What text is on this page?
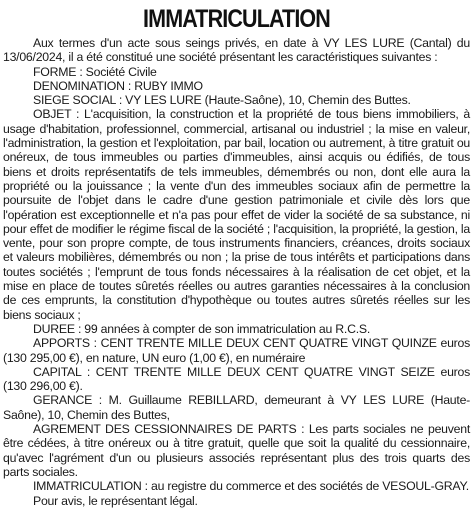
IMMATRICULATION

Aux termes d'un acte sous seings privés, en date à VY LES LURE (Cantal) du 13/06/2024, il a été constitué une société présentant les caractéristiques suivantes :

FORME : Société Civile

DENOMINATION : RUBY IMMO

SIEGE SOCIAL : VY LES LURE (Haute-Saône), 10, Chemin des Buttes.

OBJET : L'acquisition, la construction et la propriété de tous biens immobiliers, à usage d'habitation, professionnel, commercial, artisanal ou industriel ; la mise en valeur, l'administration, la gestion et l'exploitation, par bail, location ou autrement, à titre gratuit ou onéreux, de tous immeubles ou parties d'immeubles, ainsi acquis ou édifiés, de tous biens et droits représentatifs de tels immeubles, démembrés ou non, dont elle aura la propriété ou la jouissance ; la vente d'un des immeubles sociaux afin de permettre la poursuite de l'objet dans le cadre d'une gestion patrimoniale et civile dès lors que l'opération est exceptionnelle et n'a pas pour effet de vider la société de sa substance, ni pour effet de modifier le régime fiscal de la société ; l'acquisition, la propriété, la gestion, la vente, pour son propre compte, de tous instruments financiers, créances, droits sociaux et valeurs mobilières, démembrés ou non ; la prise de tous intérêts et participations dans toutes sociétés ; l'emprunt de tous fonds nécessaires à la réalisation de cet objet, et la mise en place de toutes sûretés réelles ou autres garanties nécessaires à la conclusion de ces emprunts, la constitution d'hypothèque ou toutes autres sûretés réelles sur les biens sociaux ;

DUREE : 99 années à compter de son immatriculation au R.C.S.

APPORTS : CENT TRENTE MILLE DEUX CENT QUATRE VINGT QUINZE euros (130 295,00 €), en nature, UN euro (1,00 €), en numéraire

CAPITAL : CENT TRENTE MILLE DEUX CENT QUATRE VINGT SEIZE euros (130 296,00 €).

GERANCE : M. Guillaume REBILLARD, demeurant à VY LES LURE (Haute-Saône), 10, Chemin des Buttes,

AGREMENT DES CESSIONNAIRES DE PARTS : Les parts sociales ne peuvent être cédées, à titre onéreux ou à titre gratuit, quelle que soit la qualité du cessionnaire, qu'avec l'agrément d'un ou plusieurs associés représentant plus des trois quarts des parts sociales.

IMMATRICULATION : au registre du commerce et des sociétés de VESOUL-GRAY.

Pour avis, le représentant légal.
